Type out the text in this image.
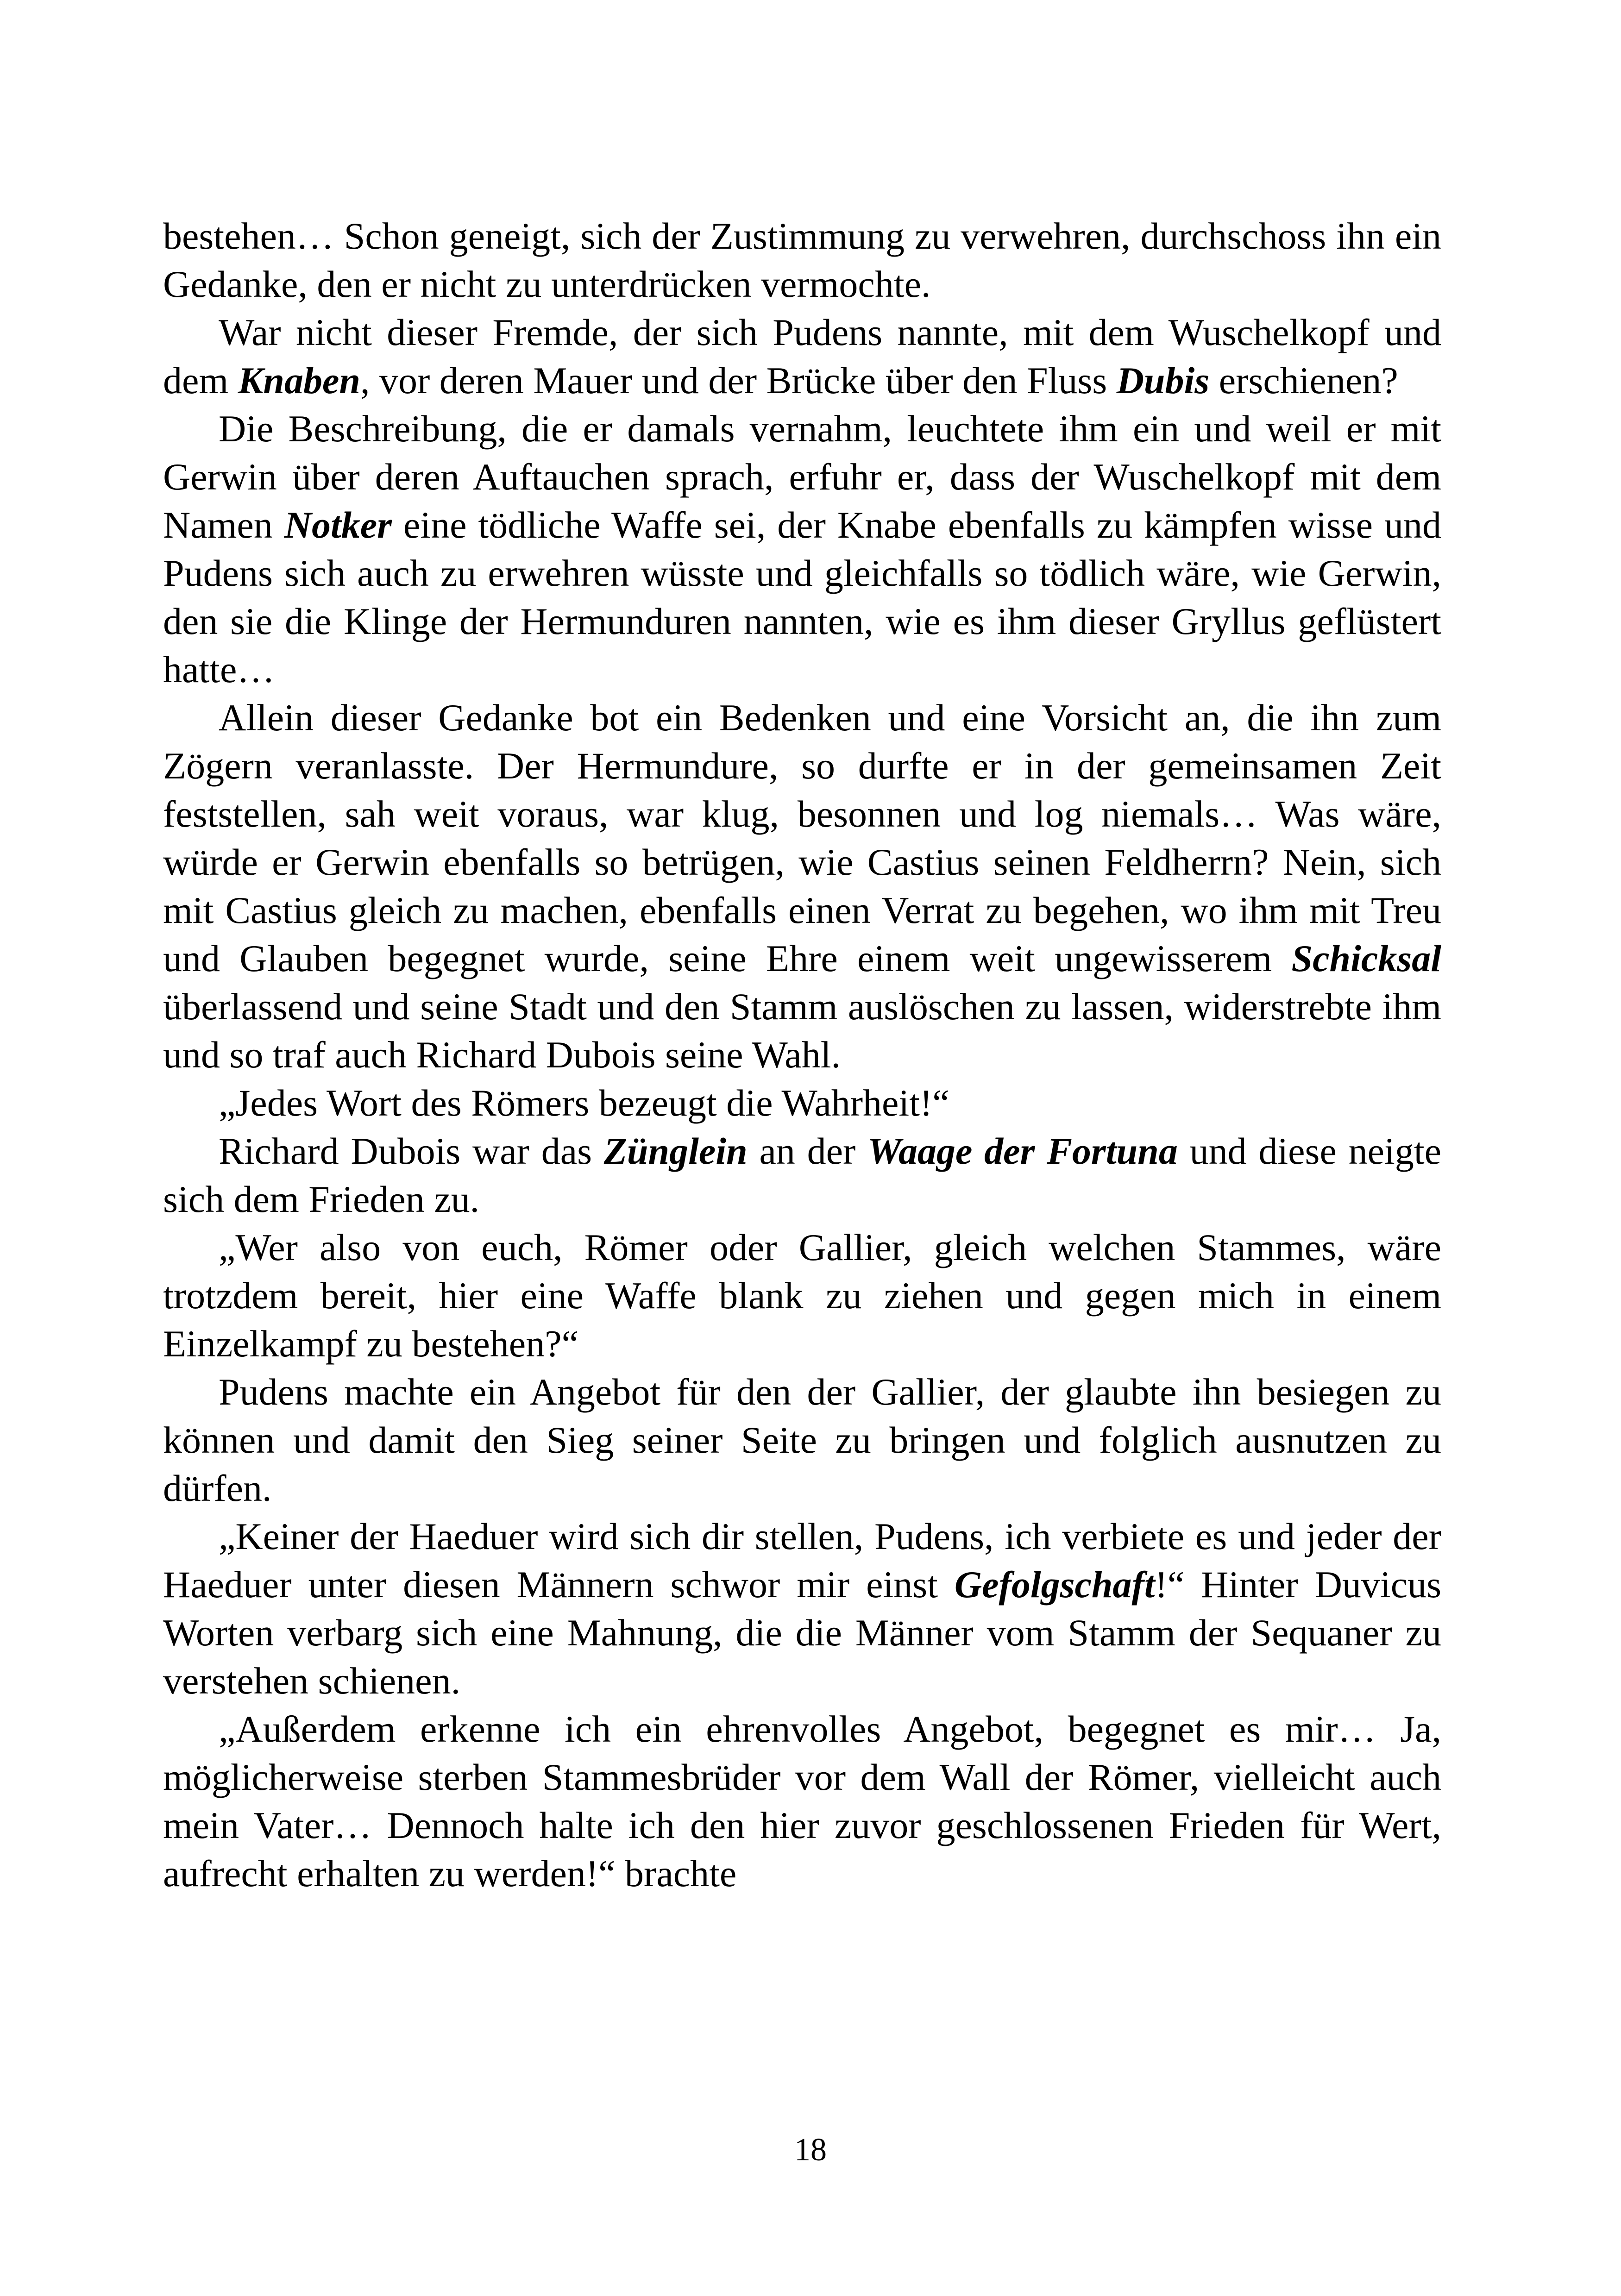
bestehen… Schon geneigt, sich der Zustimmung zu verwehren, durchschoss ihn ein Gedanke, den er nicht zu unterdrücken vermochte.

War nicht dieser Fremde, der sich Pudens nannte, mit dem Wuschelkopf und dem Knaben, vor deren Mauer und der Brücke über den Fluss Dubis erschienen?

Die Beschreibung, die er damals vernahm, leuchtete ihm ein und weil er mit Gerwin über deren Auftauchen sprach, erfuhr er, dass der Wuschelkopf mit dem Namen Notker eine tödliche Waffe sei, der Knabe ebenfalls zu kämpfen wisse und Pudens sich auch zu erwehren wüsste und gleichfalls so tödlich wäre, wie Gerwin, den sie die Klinge der Hermunduren nannten, wie es ihm dieser Gryllus geflüstert hatte…

Allein dieser Gedanke bot ein Bedenken und eine Vorsicht an, die ihn zum Zögern veranlasste. Der Hermundure, so durfte er in der gemeinsamen Zeit feststellen, sah weit voraus, war klug, besonnen und log niemals… Was wäre, würde er Gerwin ebenfalls so betrügen, wie Castius seinen Feldherrn? Nein, sich mit Castius gleich zu machen, ebenfalls einen Verrat zu begehen, wo ihm mit Treu und Glauben begegnet wurde, seine Ehre einem weit ungewisserem Schicksal überlassend und seine Stadt und den Stamm auslöschen zu lassen, widerstrebte ihm und so traf auch Richard Dubois seine Wahl.

„Jedes Wort des Römers bezeugt die Wahrheit!“

Richard Dubois war das Zünglein an der Waage der Fortuna und diese neigte sich dem Frieden zu.

„Wer also von euch, Römer oder Gallier, gleich welchen Stammes, wäre trotzdem bereit, hier eine Waffe blank zu ziehen und gegen mich in einem Einzelkampf zu bestehen?“

Pudens machte ein Angebot für den der Gallier, der glaubte ihn besiegen zu können und damit den Sieg seiner Seite zu bringen und folglich ausnutzen zu dürfen.

„Keiner der Haeduer wird sich dir stellen, Pudens, ich verbiete es und jeder der Haeduer unter diesen Männern schwor mir einst Gefolgschaft!“ Hinter Duvicus Worten verbarg sich eine Mahnung, die die Männer vom Stamm der Sequaner zu verstehen schienen.

„Außerdem erkenne ich ein ehrenvolles Angebot, begegnet es mir… Ja, möglicherweise sterben Stammesbrüder vor dem Wall der Römer, vielleicht auch mein Vater… Dennoch halte ich den hier zuvor geschlossenen Frieden für Wert, aufrecht erhalten zu werden!“ brachte

18
